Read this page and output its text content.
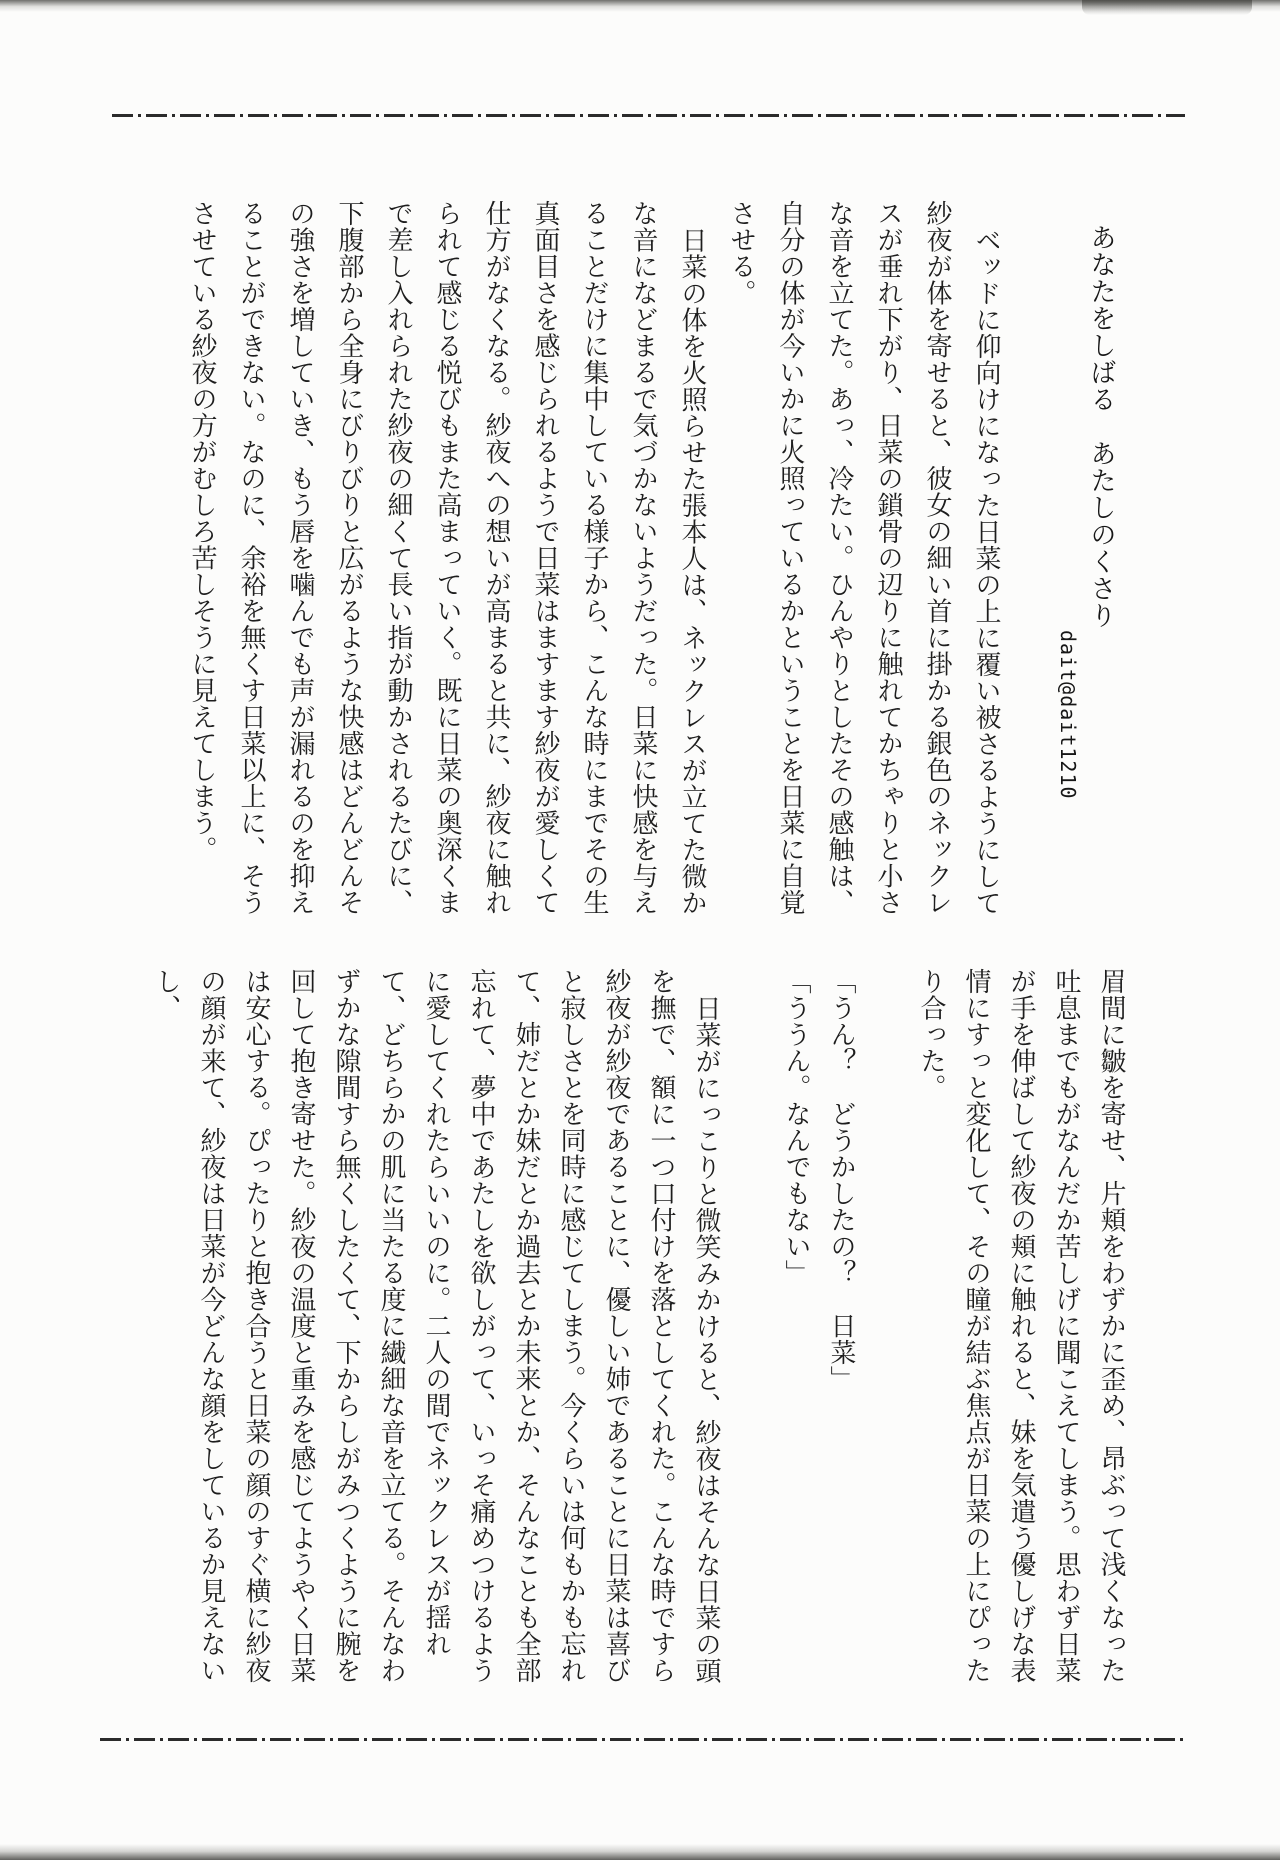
あなたをしばる　あたしのくさり
dait@dait1210

ベッドに仰向けになった日菜の上に覆い被さるようにして紗夜が体を寄せると、彼女の細い首に掛かる銀色のネックレスが垂れ下がり、日菜の鎖骨の辺りに触れてかちゃりと小さな音を立てた。あっ、冷たい。ひんやりとしたその感触は、自分の体が今いかに火照っているかということを日菜に自覚させる。

日菜の体を火照らせた張本人は、ネックレスが立てた微かな音になどまるで気づかないようだった。日菜に快感を与えることだけに集中している様子から、こんな時にまでその生真面目さを感じられるようで日菜はますます紗夜が愛しくて仕方がなくなる。紗夜への想いが高まると共に、紗夜に触れられて感じる悦びもまた高まっていく。既に日菜の奥深くまで差し入れられた紗夜の細くて長い指が動かされるたびに、下腹部から全身にびりびりと広がるような快感はどんどんその強さを増していき、もう唇を噛んでも声が漏れるのを抑えることができない。なのに、余裕を無くす日菜以上に、そうさせている紗夜の方がむしろ苦しそうに見えてしまう。

眉間に皺を寄せ、片頬をわずかに歪め、昂ぶって浅くなった吐息までもがなんだか苦しげに聞こえてしまう。思わず日菜が手を伸ばして紗夜の頬に触れると、妹を気遣う優しげな表情にすっと変化して、その瞳が結ぶ焦点が日菜の上にぴったり合った。

「うん？　どうかしたの？　日菜」

「ううん。なんでもない」

日菜がにっこりと微笑みかけると、紗夜はそんな日菜の頭を撫で、額に一つ口付けを落としてくれた。こんな時ですら紗夜が紗夜であることに、優しい姉であることに日菜は喜びと寂しさとを同時に感じてしまう。今くらいは何もかも忘れて、姉だとか妹だとか過去とか未来とか、そんなことも全部忘れて、夢中であたしを欲しがって、いっそ痛めつけるように愛してくれたらいいのに。二人の間でネックレスが揺れて、どちらかの肌に当たる度に繊細な音を立てる。そんなわずかな隙間すら無くしたくて、下からしがみつくように腕を回して抱き寄せた。紗夜の温度と重みを感じてようやく日菜は安心する。ぴったりと抱き合うと日菜の顔のすぐ横に紗夜の顔が来て、紗夜は日菜が今どんな顔をしているか見えないし、
